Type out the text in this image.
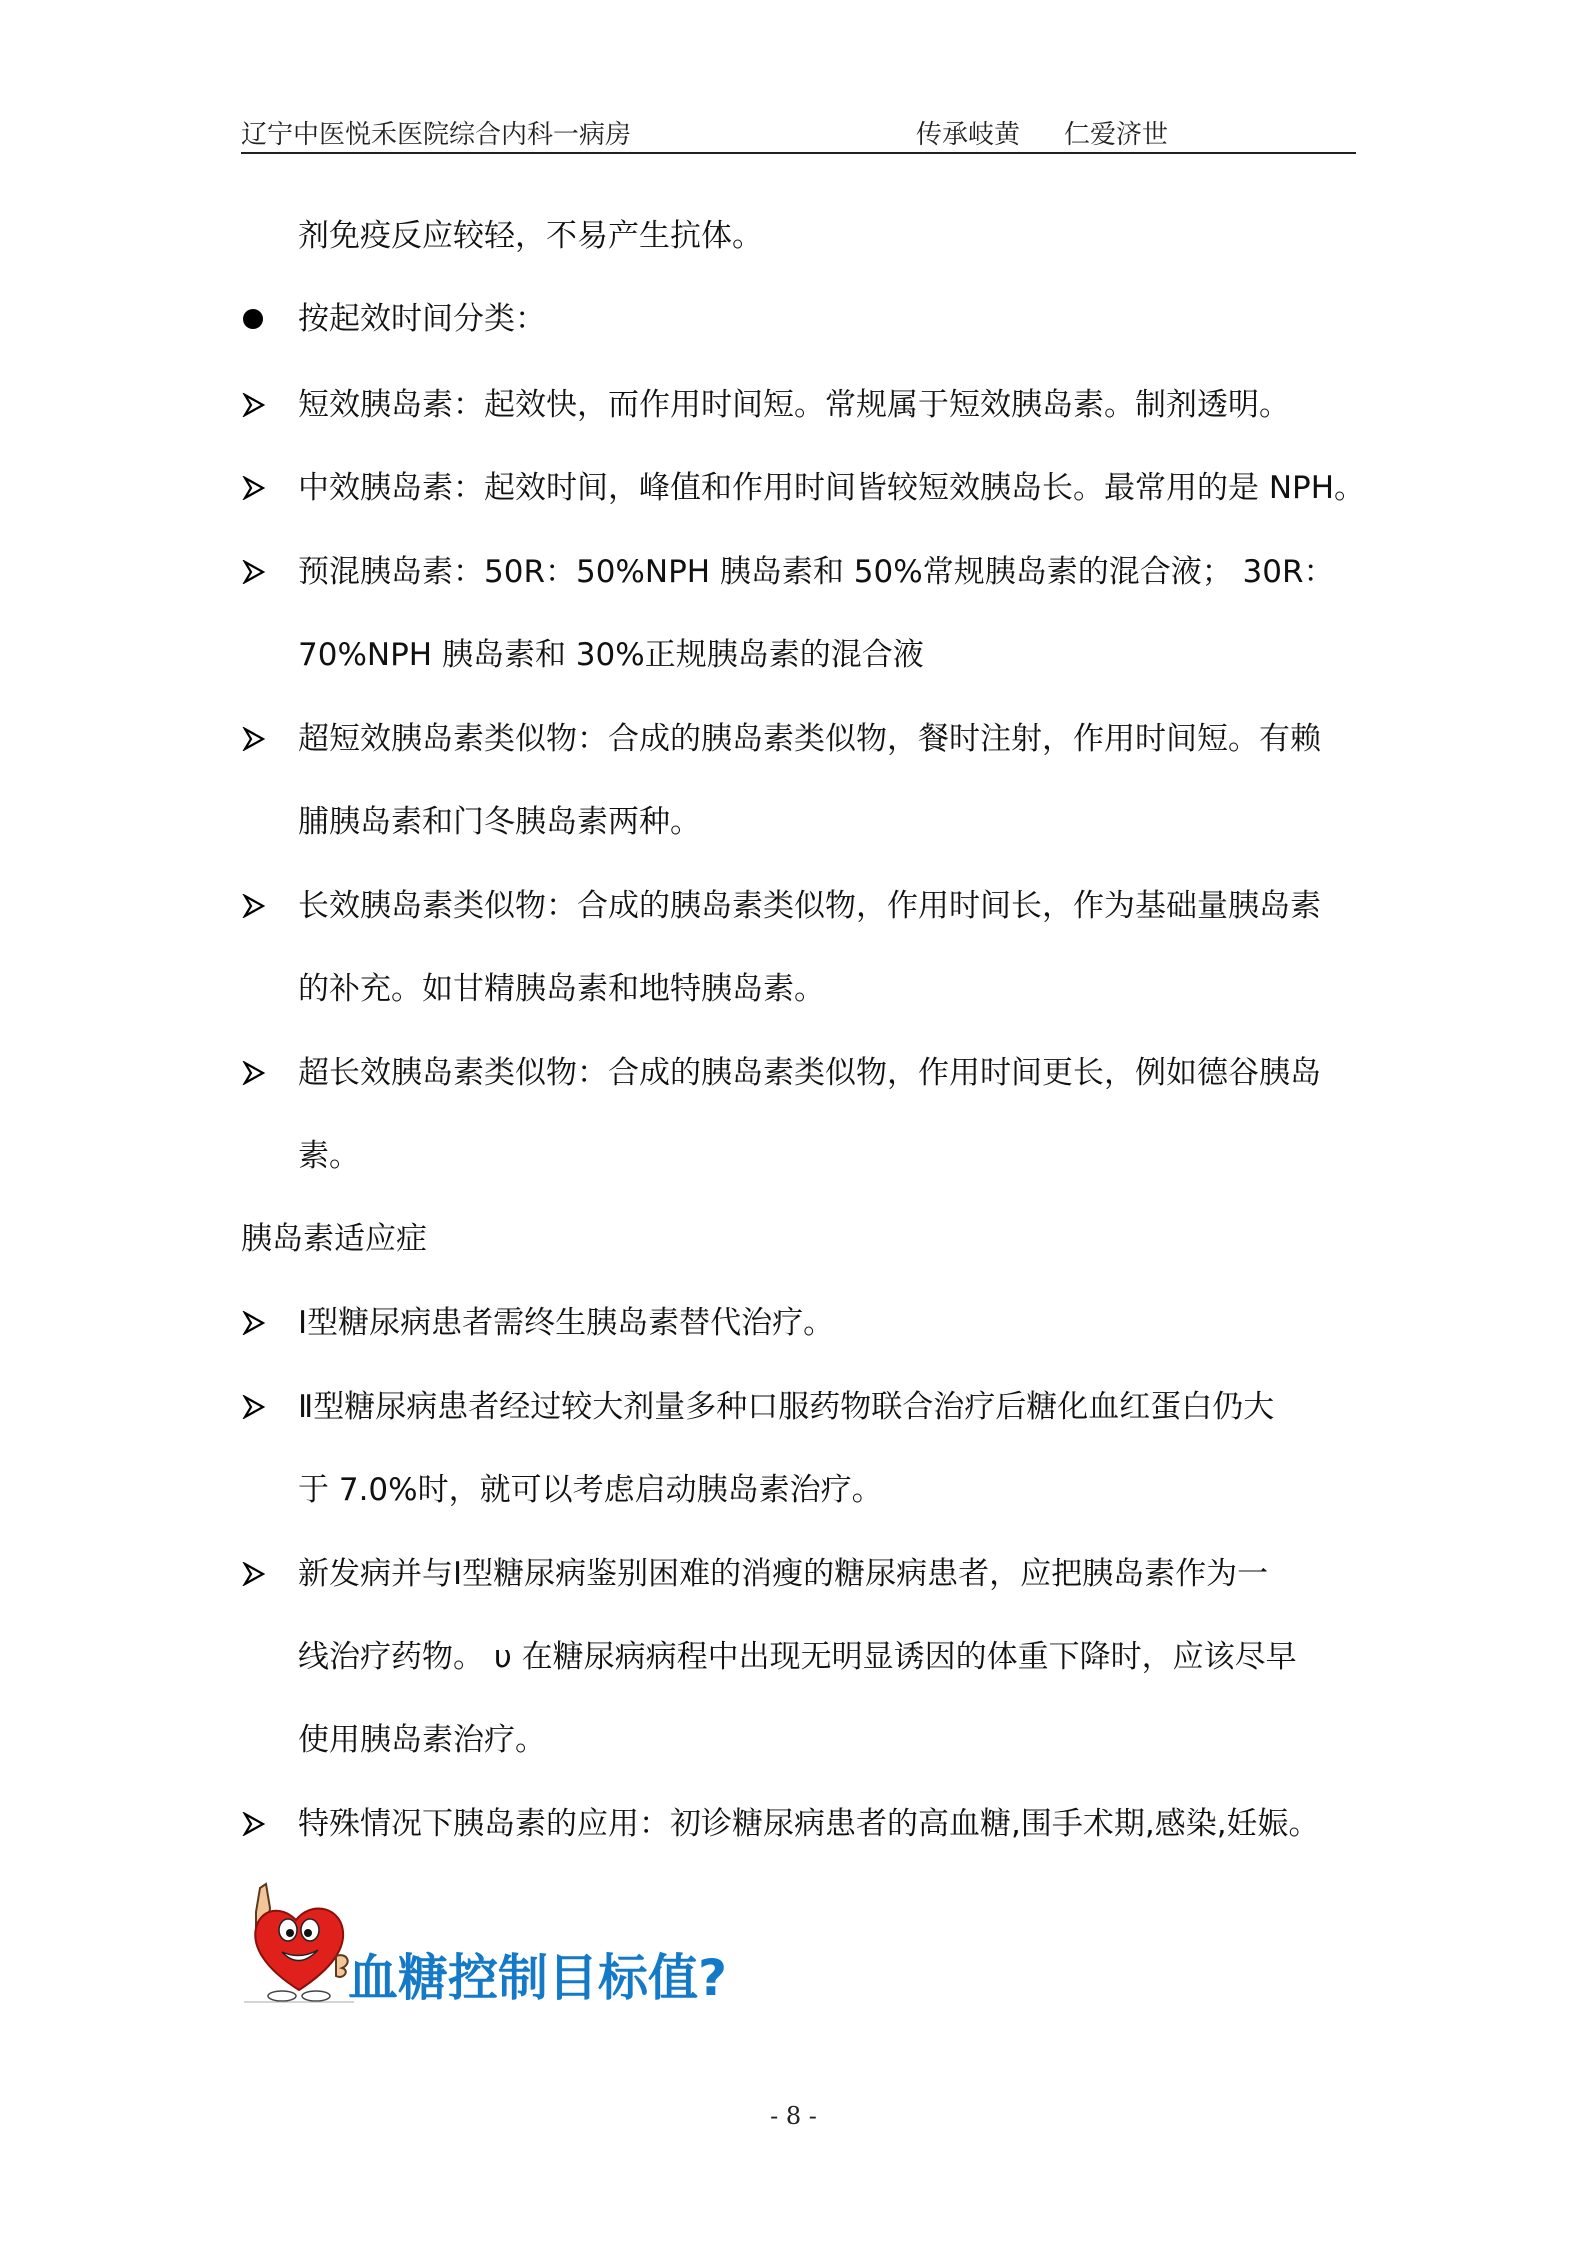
辽宁中医悦禾医院综合内科一病房	传承岐黄 仁爱济世
剂免疫反应较轻，不易产生抗体。
按起效时间分类：
短效胰岛素：起效快，而作用时间短。常规属于短效胰岛素。制剂透明。
中效胰岛素：起效时间，峰值和作用时间皆较短效胰岛长。最常用的是 NPH。
预混胰岛素：50R：50%NPH 胰岛素和 50%常规胰岛素的混合液； 30R：
70%NPH 胰岛素和 30%正规胰岛素的混合液
超短效胰岛素类似物：合成的胰岛素类似物，餐时注射，作用时间短。有赖
脯胰岛素和门冬胰岛素两种。
长效胰岛素类似物：合成的胰岛素类似物，作用时间长，作为基础量胰岛素
的补充。如甘精胰岛素和地特胰岛素。
超长效胰岛素类似物：合成的胰岛素类似物，作用时间更长，例如德谷胰岛
素。
胰岛素适应症
Ⅰ型糖尿病患者需终生胰岛素替代治疗。
Ⅱ型糖尿病患者经过较大剂量多种口服药物联合治疗后糖化血红蛋白仍大
于 7.0%时，就可以考虑启动胰岛素治疗。
新发病并与Ⅰ型糖尿病鉴别困难的消瘦的糖尿病患者，应把胰岛素作为一
线治疗药物。 υ 在糖尿病病程中出现无明显诱因的体重下降时，应该尽早
使用胰岛素治疗。
特殊情况下胰岛素的应用：初诊糖尿病患者的高血糖,围手术期,感染,妊娠。
血糖控制目标值?
- 8 -
